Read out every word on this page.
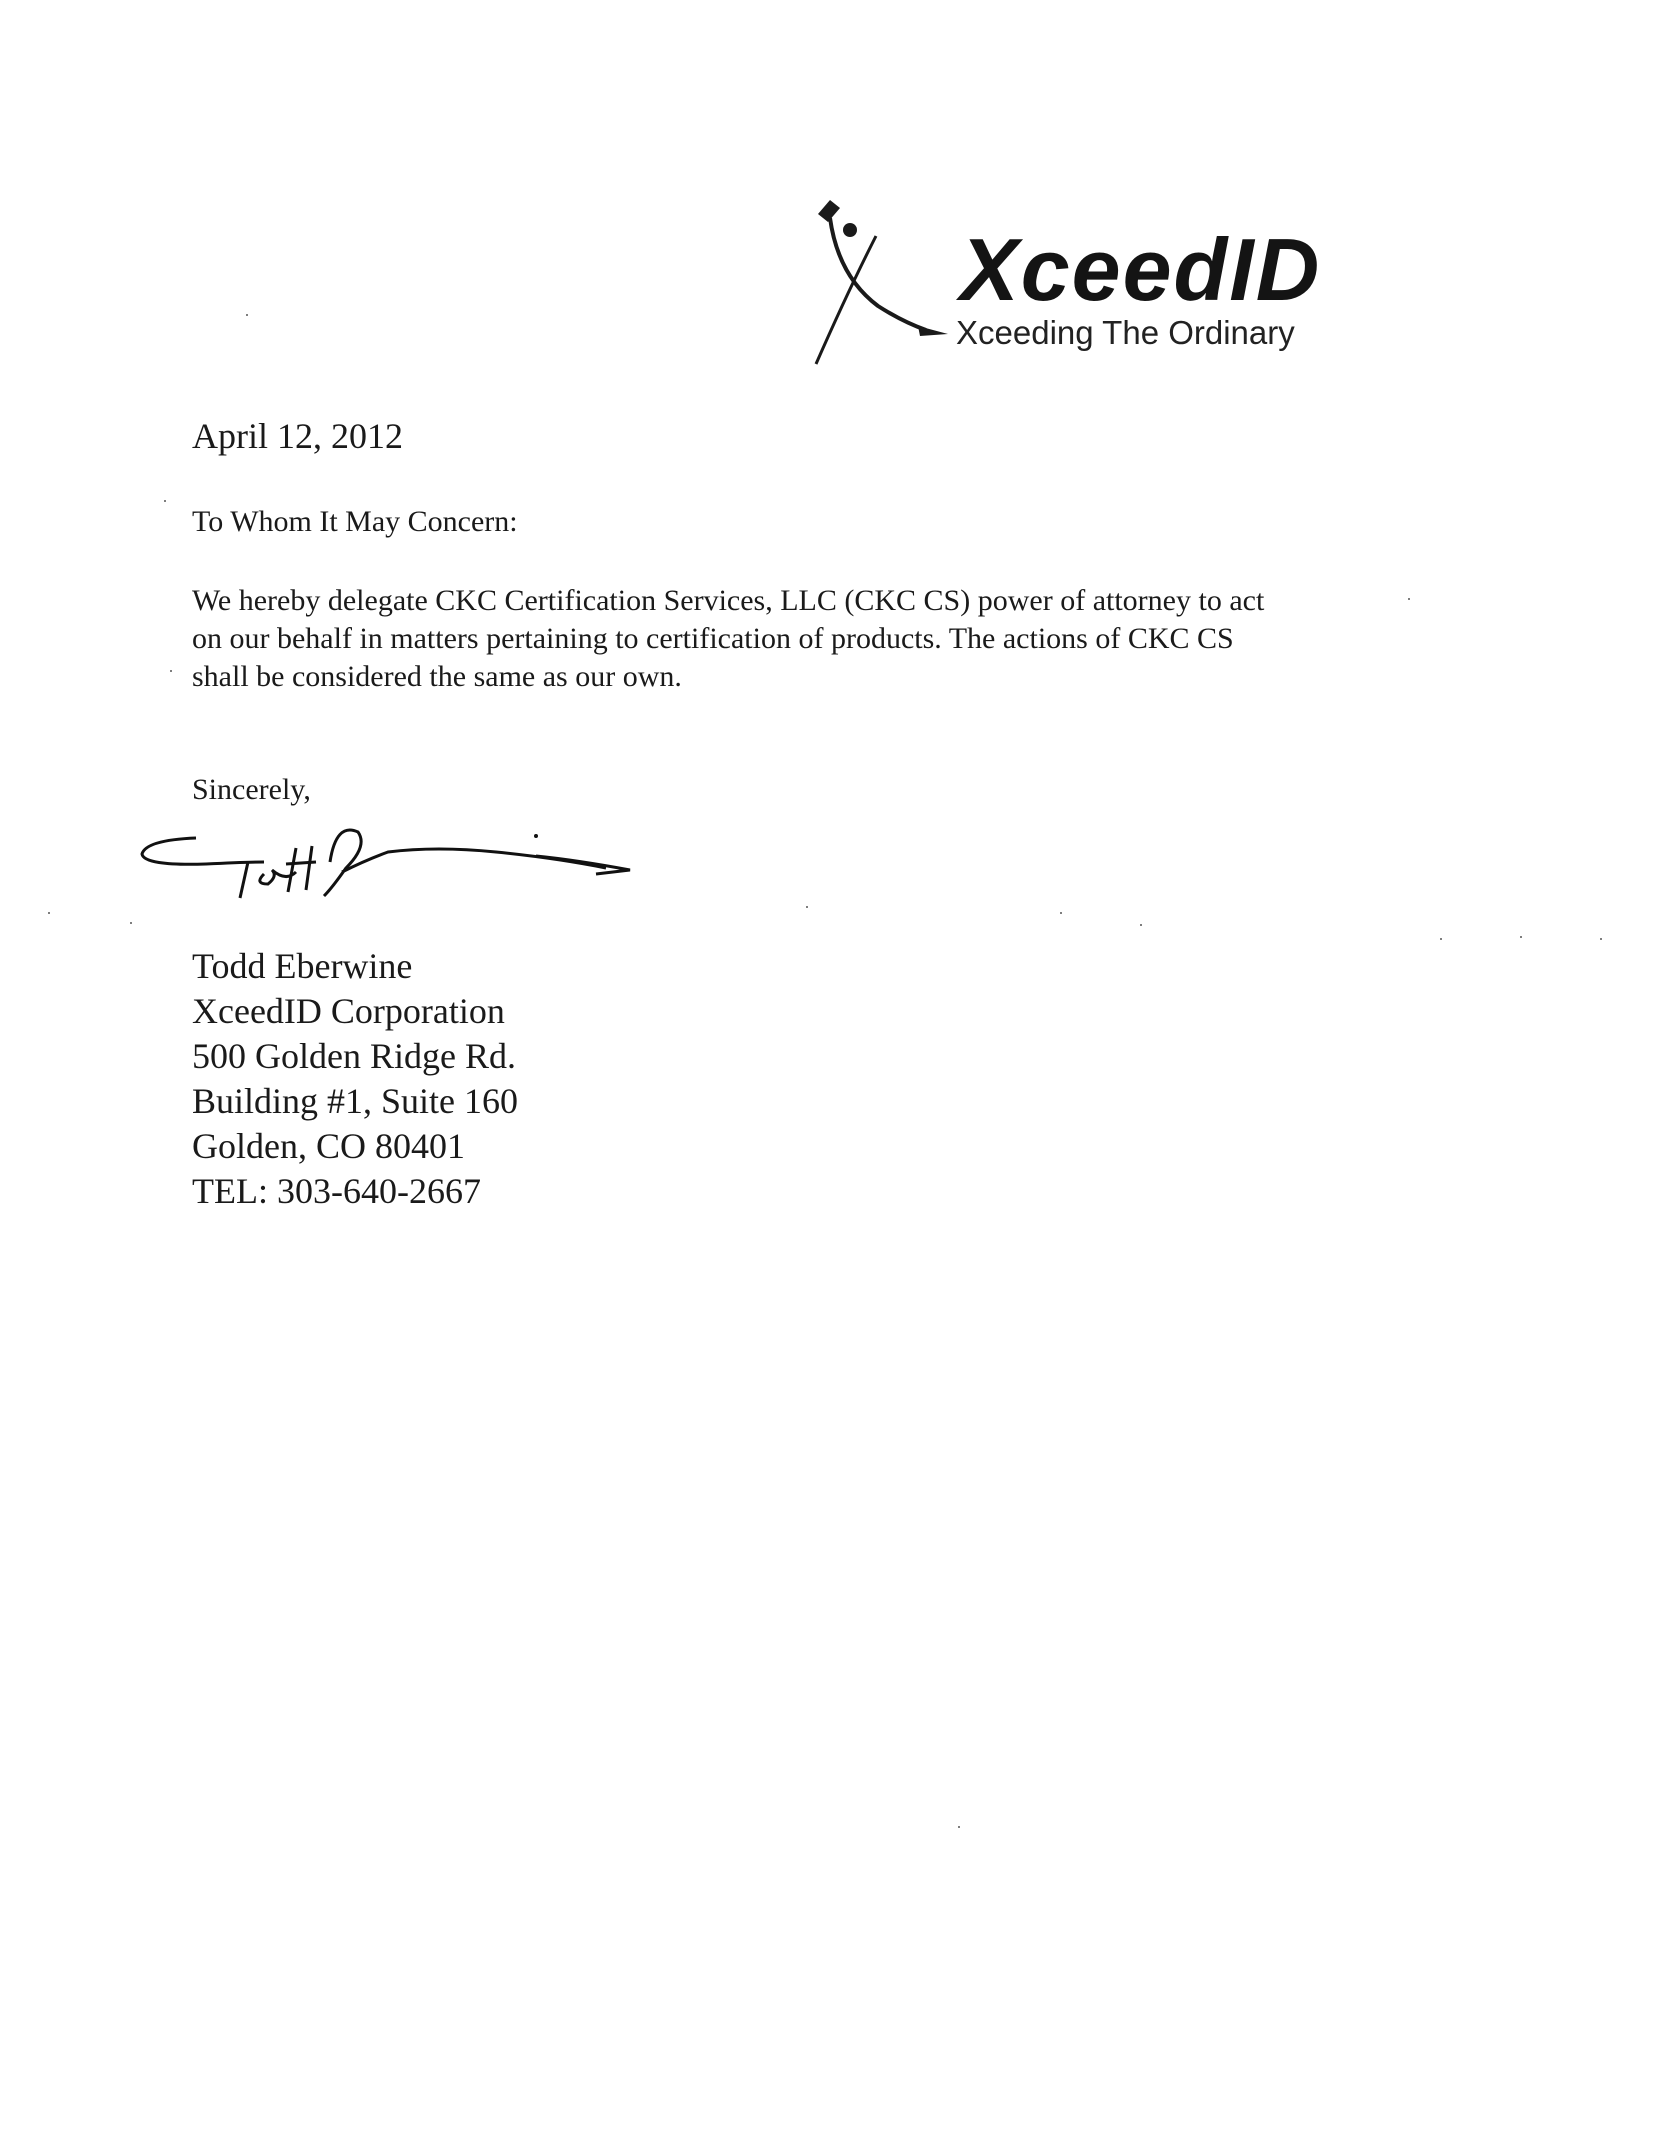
XceedID
Xceeding The Ordinary
April 12, 2012
To Whom It May Concern:

We hereby delegate CKC Certification Services, LLC (CKC CS) power of attorney to act

on our behalf in matters pertaining to certification of products. The actions of CKC CS

shall be considered the same as our own.

Sincerely,
Todd Eberwine
XceedID Corporation
500 Golden Ridge Rd.
Building #1, Suite 160
Golden, CO 80401
TEL: 303-640-2667
